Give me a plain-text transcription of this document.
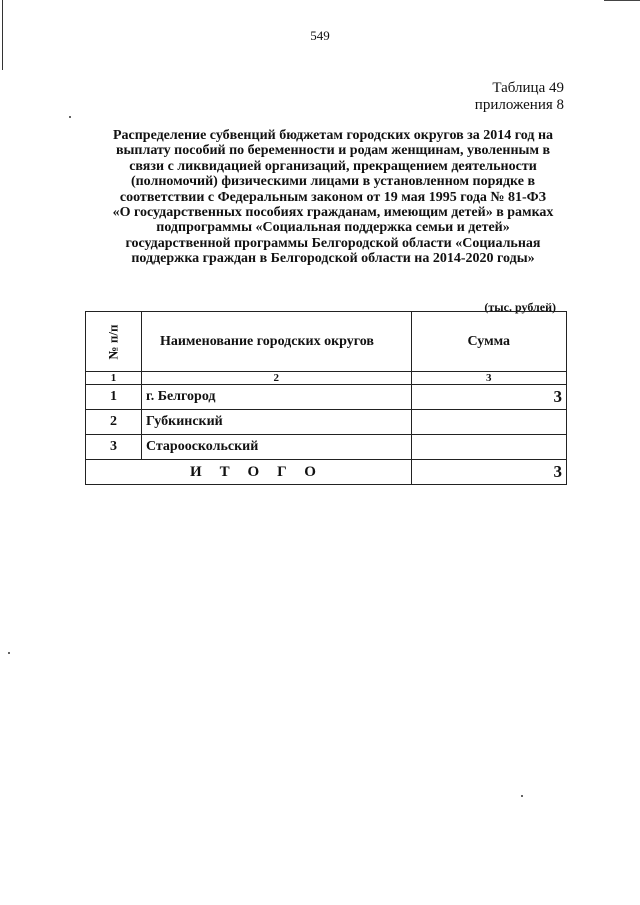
549
Таблица 49
приложения 8
Распределение субвенций бюджетам городских округов за 2014 год на
выплату пособий по беременности и родам женщинам, уволенным в
связи с ликвидацией организаций, прекращением деятельности
(полномочий) физическими лицами в установленном порядке в
соответствии с Федеральным законом от 19 мая 1995 года № 81-ФЗ
«О государственных пособиях гражданам, имеющим детей» в рамках
подпрограммы «Социальная поддержка семьи и детей»
государственной программы Белгородской области «Социальная
поддержка граждан в Белгородской области на 2014-2020 годы»
(тыс. рублей)
№ п/п	Наименование городских округов	Сумма
1	2	3
1	г. Белгород	3
2	Губкинский	
3	Старооскольский	
ИТОГО		3
